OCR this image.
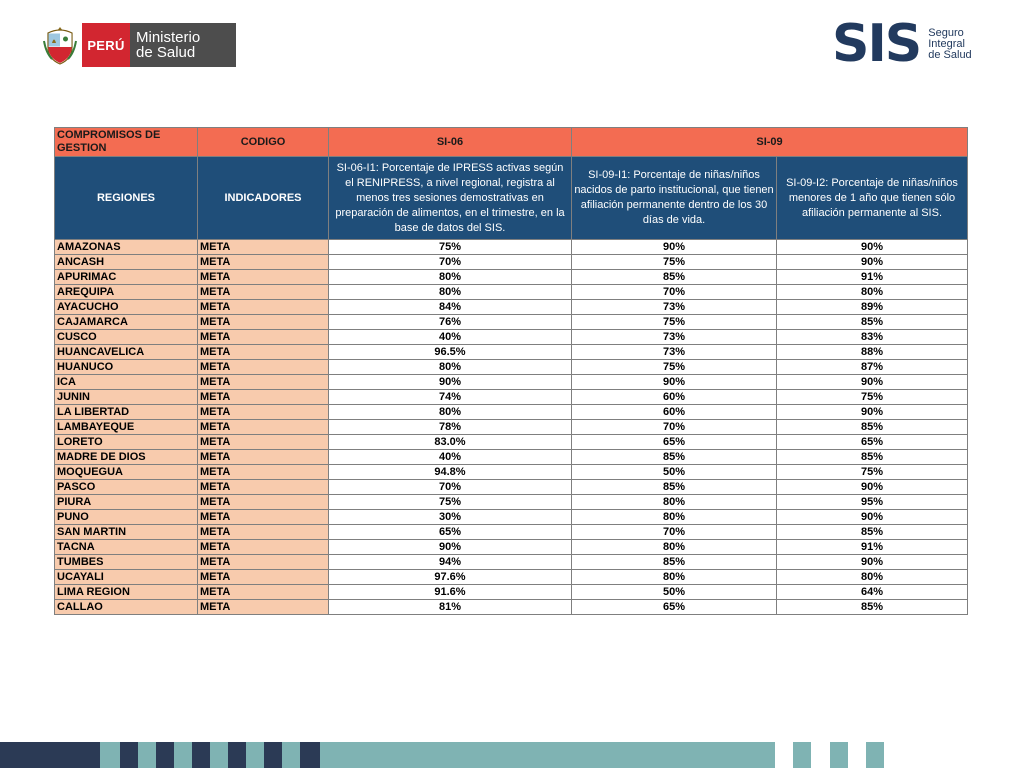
PERÚ Ministerio
de Salud	SIS Seguro
Integral
de Salud
COMPROMISOS DE GESTION	CODIGO	SI-06	SI-09	
REGIONES	INDICADORES	SI-06-I1: Porcentaje de IPRESS activas según el RENIPRESS, a nivel regional, registra al menos tres sesiones demostrativas en preparación de alimentos, en el trimestre, en la base de datos del SIS.	SI-09-I1: Porcentaje de niñas/niños nacidos de parto institucional, que tienen afiliación permanente dentro de los 30 días de vida.	SI-09-I2: Porcentaje de niñas/niños menores de 1 año que tienen sólo afiliación permanente al SIS.
AMAZONAS	META	75%	90%	90%
ANCASH	META	70%	75%	90%
APURIMAC	META	80%	85%	91%
AREQUIPA	META	80%	70%	80%
AYACUCHO	META	84%	73%	89%
CAJAMARCA	META	76%	75%	85%
CUSCO	META	40%	73%	83%
HUANCAVELICA	META	96.5%	73%	88%
HUANUCO	META	80%	75%	87%
ICA	META	90%	90%	90%
JUNIN	META	74%	60%	75%
LA LIBERTAD	META	80%	60%	90%
LAMBAYEQUE	META	78%	70%	85%
LORETO	META	83.0%	65%	65%
MADRE DE DIOS	META	40%	85%	85%
MOQUEGUA	META	94.8%	50%	75%
PASCO	META	70%	85%	90%
PIURA	META	75%	80%	95%
PUNO	META	30%	80%	90%
SAN MARTIN	META	65%	70%	85%
TACNA	META	90%	80%	91%
TUMBES	META	94%	85%	90%
UCAYALI	META	97.6%	80%	80%
LIMA REGION	META	91.6%	50%	64%
CALLAO	META	81%	65%	85%
